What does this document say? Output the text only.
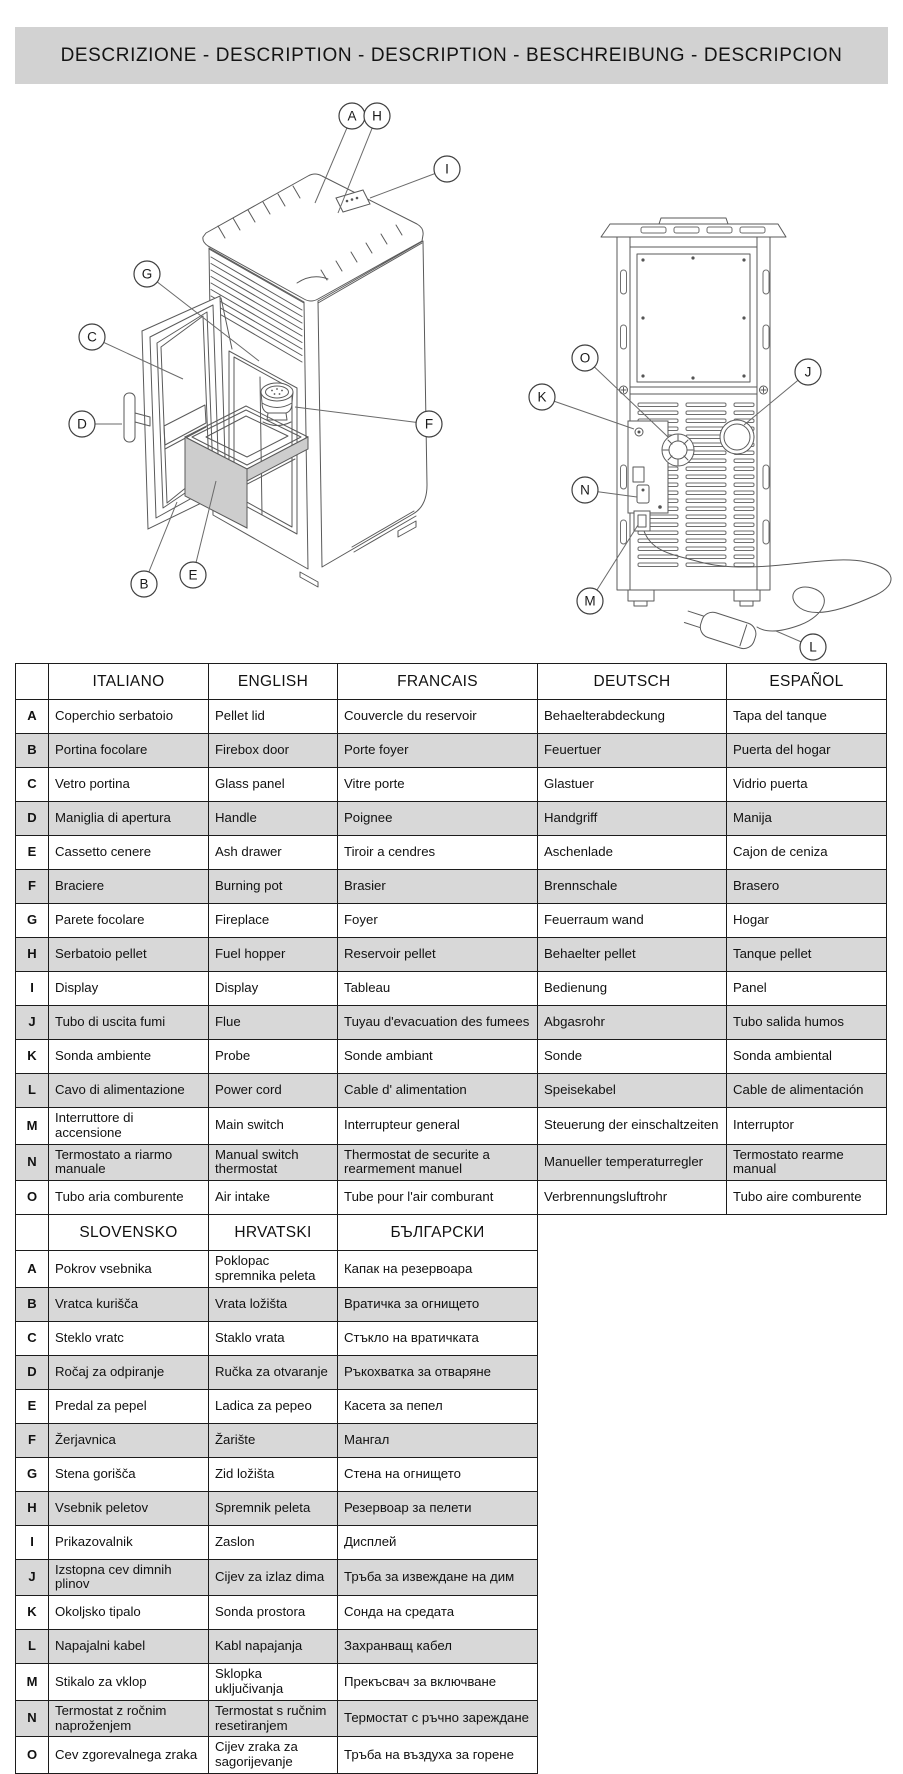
DESCRIZIONE - DESCRIPTION - DESCRIPTION - BESCHREIBUNG - DESCRIPCION
A H
I
G
C
D
B
E
F
O
K
N
M
J
L
	ITALIANO	ENGLISH	FRANCAIS	DEUTSCH	ESPAÑOL
A	Coperchio serbatoio	Pellet lid	Couvercle du reservoir	Behaelterabdeckung	Tapa del tanque
B	Portina focolare	Firebox door	Porte foyer	Feuertuer	Puerta del hogar
C	Vetro portina	Glass panel	Vitre porte	Glastuer	Vidrio puerta
D	Maniglia di apertura	Handle	Poignee	Handgriff	Manija
E	Cassetto cenere	Ash drawer	Tiroir a cendres	Aschenlade	Cajon de ceniza
F	Braciere	Burning pot	Brasier	Brennschale	Brasero
G	Parete focolare	Fireplace	Foyer	Feuerraum wand	Hogar
H	Serbatoio pellet	Fuel hopper	Reservoir pellet	Behaelter pellet	Tanque pellet
I	Display	Display	Tableau	Bedienung	Panel
J	Tubo di uscita fumi	Flue	Tuyau d'evacuation des fumees	Abgasrohr	Tubo salida humos
K	Sonda ambiente	Probe	Sonde ambiant	Sonde	Sonda ambiental
L	Cavo di alimentazione	Power cord	Cable d' alimentation	Speisekabel	Cable de alimentación
M	Interruttore di accensione	Main switch	Interrupteur general	Steuerung der einschaltzeiten	Interruptor
N	Termostato a riarmo manuale	Manual switch thermostat	Thermostat de securite a rearmement manuel	Manueller temperaturregler	Termostato rearme manual
O	Tubo aria comburente	Air intake	Tube pour l'air comburant	Verbrennungsluftrohr	Tubo aire comburente
	SLOVENSKO	HRVATSKI	БЪЛГАРСКИ
A	Pokrov vsebnika	Poklopac spremnika peleta	Капак на резервоара
B	Vratca kurišča	Vrata ložišta	Вратичка за огнището
C	Steklo vratc	Staklo vrata	Стъкло на вратичката
D	Ročaj za odpiranje	Ručka za otvaranje	Ръкохватка за отваряне
E	Predal za pepel	Ladica za pepeo	Касета за пепел
F	Žerjavnica	Žarište	Мангал
G	Stena gorišča	Zid ložišta	Стена на огнището
H	Vsebnik peletov	Spremnik peleta	Резервоар за пелети
I	Prikazovalnik	Zaslon	Дисплей
J	Izstopna cev dimnih plinov	Cijev za izlaz dima	Тръба за извеждане на дим
K	Okoljsko tipalo	Sonda prostora	Сонда на средата
L	Napajalni kabel	Kabl napajanja	Захранващ кабел
M	Stikalo za vklop	Sklopka uključivanja	Прекъсвач за включване
N	Termostat z ročnim naproženjem	Termostat s ručnim resetiranjem	Термостат с ръчно зареждане
O	Cev zgorevalnega zraka	Cijev zraka za sagorijevanje	Тръба на въздуха за горене
